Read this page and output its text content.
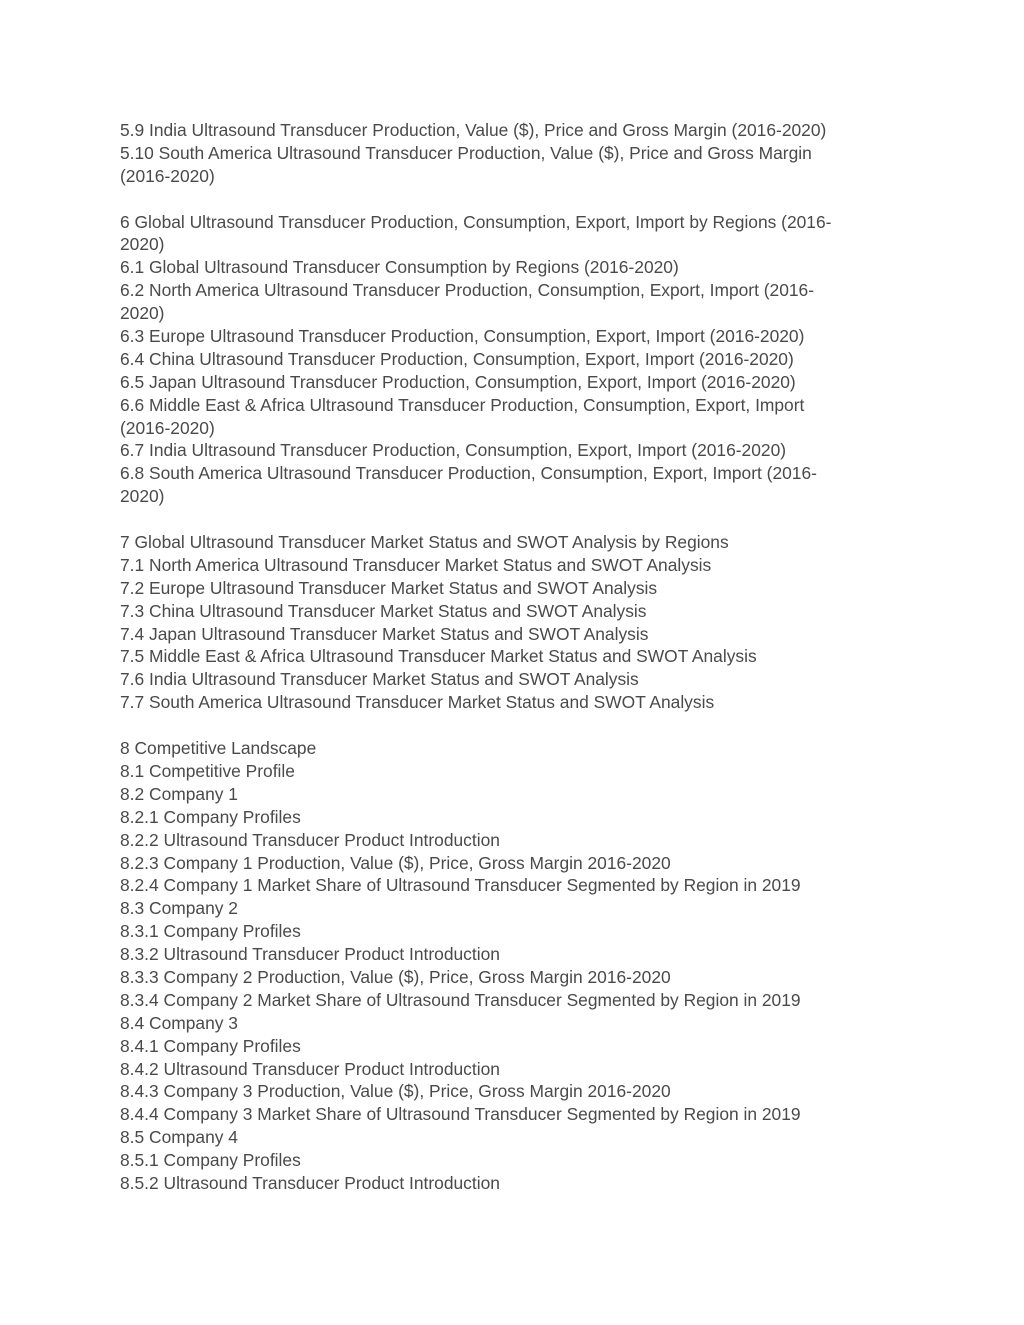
5.9 India Ultrasound Transducer Production, Value ($), Price and Gross Margin (2016-2020)
5.10 South America Ultrasound Transducer Production, Value ($), Price and Gross Margin
(2016-2020)
6 Global Ultrasound Transducer Production, Consumption, Export, Import by Regions (2016-
2020)
6.1 Global Ultrasound Transducer Consumption by Regions (2016-2020)
6.2 North America Ultrasound Transducer Production, Consumption, Export, Import (2016-
2020)
6.3 Europe Ultrasound Transducer Production, Consumption, Export, Import (2016-2020)
6.4 China Ultrasound Transducer Production, Consumption, Export, Import (2016-2020)
6.5 Japan Ultrasound Transducer Production, Consumption, Export, Import (2016-2020)
6.6 Middle East & Africa Ultrasound Transducer Production, Consumption, Export, Import
(2016-2020)
6.7 India Ultrasound Transducer Production, Consumption, Export, Import (2016-2020)
6.8 South America Ultrasound Transducer Production, Consumption, Export, Import (2016-
2020)
7 Global Ultrasound Transducer Market Status and SWOT Analysis by Regions
7.1 North America Ultrasound Transducer Market Status and SWOT Analysis
7.2 Europe Ultrasound Transducer Market Status and SWOT Analysis
7.3 China Ultrasound Transducer Market Status and SWOT Analysis
7.4 Japan Ultrasound Transducer Market Status and SWOT Analysis
7.5 Middle East & Africa Ultrasound Transducer Market Status and SWOT Analysis
7.6 India Ultrasound Transducer Market Status and SWOT Analysis
7.7 South America Ultrasound Transducer Market Status and SWOT Analysis
8 Competitive Landscape
8.1 Competitive Profile
8.2 Company 1
8.2.1 Company Profiles
8.2.2 Ultrasound Transducer Product Introduction
8.2.3 Company 1 Production, Value ($), Price, Gross Margin 2016-2020
8.2.4 Company 1 Market Share of Ultrasound Transducer Segmented by Region in 2019
8.3 Company 2
8.3.1 Company Profiles
8.3.2 Ultrasound Transducer Product Introduction
8.3.3 Company 2 Production, Value ($), Price, Gross Margin 2016-2020
8.3.4 Company 2 Market Share of Ultrasound Transducer Segmented by Region in 2019
8.4 Company 3
8.4.1 Company Profiles
8.4.2 Ultrasound Transducer Product Introduction
8.4.3 Company 3 Production, Value ($), Price, Gross Margin 2016-2020
8.4.4 Company 3 Market Share of Ultrasound Transducer Segmented by Region in 2019
8.5 Company 4
8.5.1 Company Profiles
8.5.2 Ultrasound Transducer Product Introduction
